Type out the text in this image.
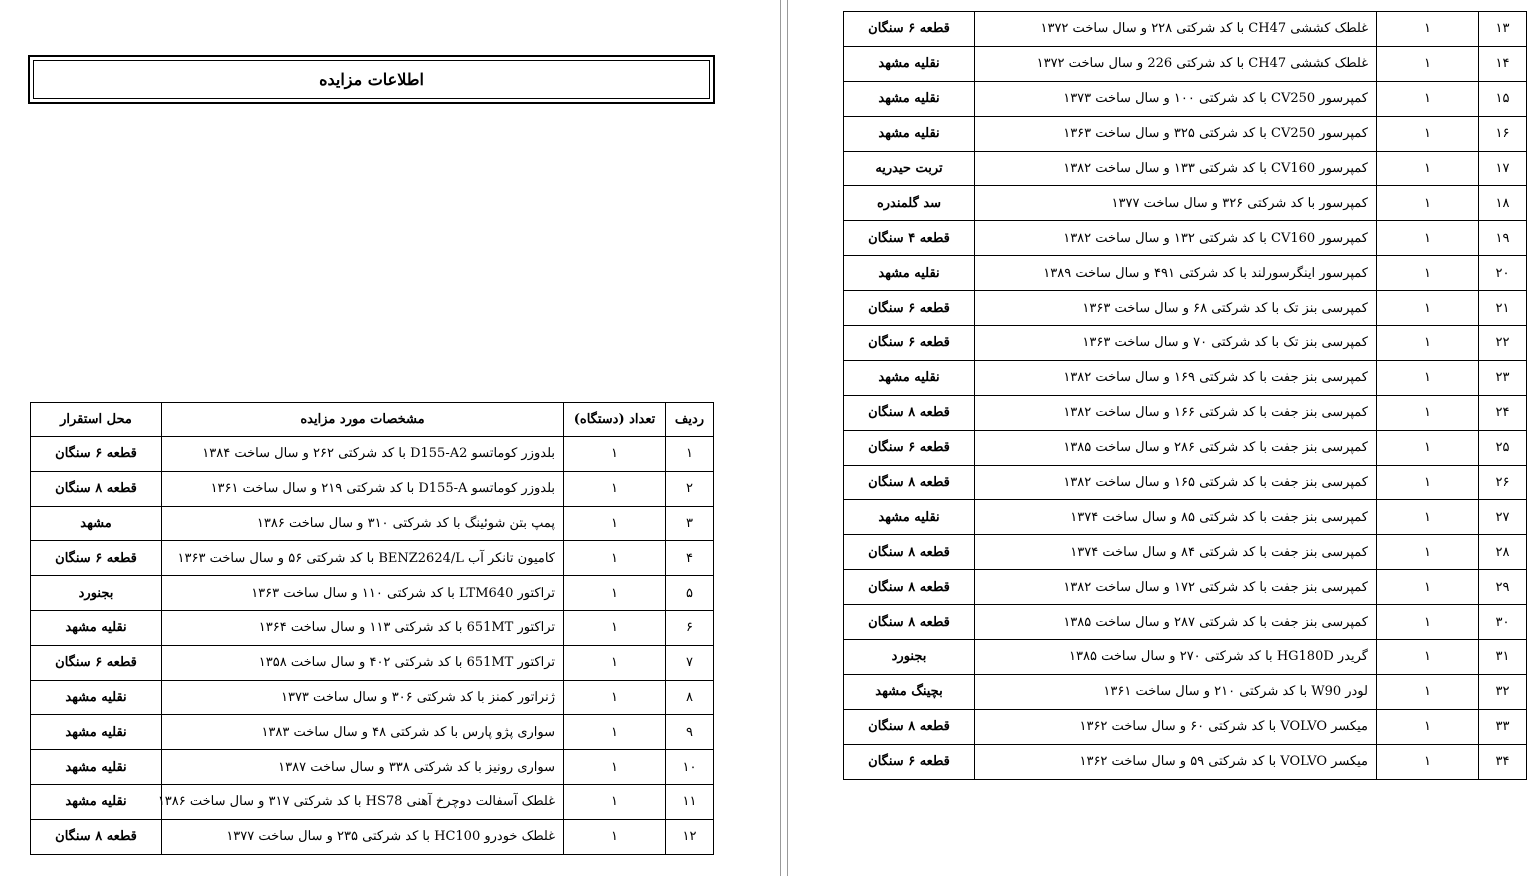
اطلاعات مزایده
ردیف	تعداد (دستگاه)	مشخصات مورد مزایده	محل استقرار
۱	۱	بلدوزر کوماتسو D155-A2 با کد شرکتی ۲۶۲ و سال ساخت ۱۳۸۴	قطعه ۶ سنگان
۲	۱	بلدوزر کوماتسو D155-A با کد شرکتی ۲۱۹ و سال ساخت ۱۳۶۱	قطعه ۸ سنگان
۳	۱	پمپ بتن شوئینگ با کد شرکتی ۳۱۰ و سال ساخت ۱۳۸۶	مشهد
۴	۱	کامیون تانکر آب BENZ2624/L با کد شرکتی ۵۶ و سال ساخت ۱۳۶۳	قطعه ۶ سنگان
۵	۱	تراکتور LTM640 با کد شرکتی ۱۱۰ و سال ساخت ۱۳۶۳	بجنورد
۶	۱	تراکتور 651MT با کد شرکتی ۱۱۳ و سال ساخت ۱۳۶۴	نقلیه مشهد
۷	۱	تراکتور 651MT با کد شرکتی ۴۰۲ و سال ساخت ۱۳۵۸	قطعه ۶ سنگان
۸	۱	ژنراتور کمنز با کد شرکتی ۳۰۶ و سال ساخت ۱۳۷۳	نقلیه مشهد
۹	۱	سواری پژو پارس با کد شرکتی ۴۸ و سال ساخت ۱۳۸۳	نقلیه مشهد
۱۰	۱	سواری رونیز با کد شرکتی ۳۳۸ و سال ساخت ۱۳۸۷	نقلیه مشهد
۱۱	۱	غلطک آسفالت دوچرخ آهنی HS78 با کد شرکتی ۳۱۷ و سال ساخت ۱۳۸۶	نقلیه مشهد
۱۲	۱	غلطک خودرو HC100 با کد شرکتی ۲۳۵ و سال ساخت ۱۳۷۷	قطعه ۸ سنگان
۱۳	۱	غلطک کششی CH47 با کد شرکتی ۲۲۸ و سال ساخت ۱۳۷۲	قطعه ۶ سنگان
۱۴	۱	غلطک کششی CH47 با کد شرکتی 226 و سال ساخت ۱۳۷۲	نقلیه مشهد
۱۵	۱	کمپرسور CV250 با کد شرکتی ۱۰۰ و سال ساخت ۱۳۷۳	نقلیه مشهد
۱۶	۱	کمپرسور CV250 با کد شرکتی ۳۲۵ و سال ساخت ۱۳۶۳	نقلیه مشهد
۱۷	۱	کمپرسور CV160 با کد شرکتی ۱۳۳ و سال ساخت ۱۳۸۲	تربت حیدریه
۱۸	۱	کمپرسور با کد شرکتی ۳۲۶ و سال ساخت ۱۳۷۷	سد گلمندره
۱۹	۱	کمپرسور CV160 با کد شرکتی ۱۳۲ و سال ساخت ۱۳۸۲	قطعه ۴ سنگان
۲۰	۱	کمپرسور اینگرسورلند با کد شرکتی ۴۹۱ و سال ساخت ۱۳۸۹	نقلیه مشهد
۲۱	۱	کمپرسی بنز تک با کد شرکتی ۶۸ و سال ساخت ۱۳۶۳	قطعه ۶ سنگان
۲۲	۱	کمپرسی بنز تک با کد شرکتی ۷۰ و سال ساخت ۱۳۶۳	قطعه ۶ سنگان
۲۳	۱	کمپرسی بنز جفت با کد شرکتی ۱۶۹ و سال ساخت ۱۳۸۲	نقلیه مشهد
۲۴	۱	کمپرسی بنز جفت با کد شرکتی ۱۶۶ و سال ساخت ۱۳۸۲	قطعه ۸ سنگان
۲۵	۱	کمپرسی بنز جفت با کد شرکتی ۲۸۶ و سال ساخت ۱۳۸۵	قطعه ۶ سنگان
۲۶	۱	کمپرسی بنز جفت با کد شرکتی ۱۶۵ و سال ساخت ۱۳۸۲	قطعه ۸ سنگان
۲۷	۱	کمپرسی بنز جفت با کد شرکتی ۸۵ و سال ساخت ۱۳۷۴	نقلیه مشهد
۲۸	۱	کمپرسی بنز جفت با کد شرکتی ۸۴ و سال ساخت ۱۳۷۴	قطعه ۸ سنگان
۲۹	۱	کمپرسی بنز جفت با کد شرکتی ۱۷۲ و سال ساخت ۱۳۸۲	قطعه ۸ سنگان
۳۰	۱	کمپرسی بنز جفت با کد شرکتی ۲۸۷ و سال ساخت ۱۳۸۵	قطعه ۸ سنگان
۳۱	۱	گریدر HG180D با کد شرکتی ۲۷۰ و سال ساخت ۱۳۸۵	بجنورد
۳۲	۱	لودر W90 با کد شرکتی ۲۱۰ و سال ساخت ۱۳۶۱	بچینگ مشهد
۳۳	۱	میکسر VOLVO با کد شرکتی ۶۰ و سال ساخت ۱۳۶۲	قطعه ۸ سنگان
۳۴	۱	میکسر VOLVO با کد شرکتی ۵۹ و سال ساخت ۱۳۶۲	قطعه ۶ سنگان
